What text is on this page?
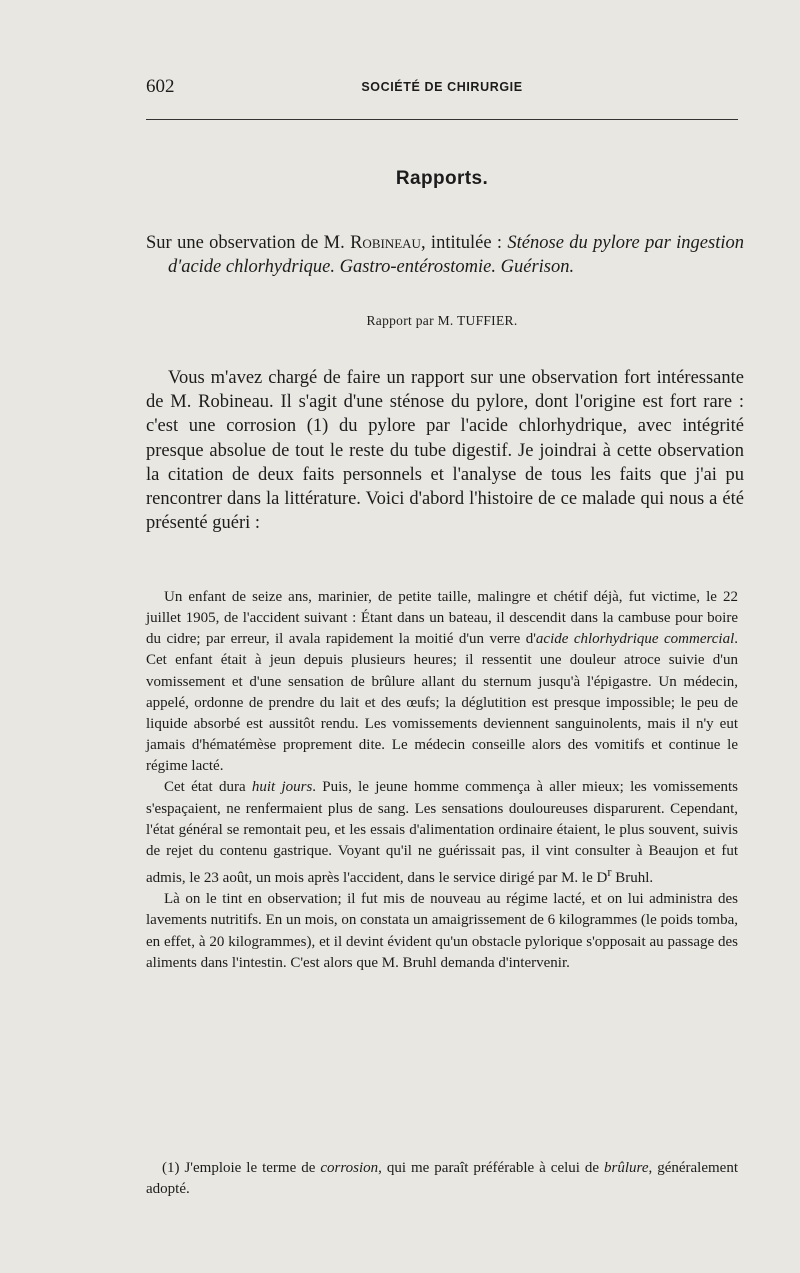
602	SOCIÉTÉ DE CHIRURGIE
Rapports.
Sur une observation de M. Robineau, intitulée : Sténose du pylore par ingestion d'acide chlorhydrique. Gastro-entérostomie. Guérison.
Rapport par M. TUFFIER.

Vous m'avez chargé de faire un rapport sur une observation fort intéressante de M. Robineau. Il s'agit d'une sténose du pylore, dont l'origine est fort rare : c'est une corrosion (1) du pylore par l'acide chlorhydrique, avec intégrité presque absolue de tout le reste du tube digestif. Je joindrai à cette observation la citation de deux faits personnels et l'analyse de tous les faits que j'ai pu rencontrer dans la littérature. Voici d'abord l'histoire de ce malade qui nous a été présenté guéri :

Un enfant de seize ans, marinier, de petite taille, malingre et chétif déjà, fut victime, le 22 juillet 1905, de l'accident suivant : Étant dans un bateau, il descendit dans la cambuse pour boire du cidre; par erreur, il avala rapidement la moitié d'un verre d'acide chlorhydrique commercial. Cet enfant était à jeun depuis plusieurs heures; il ressentit une douleur atroce suivie d'un vomissement et d'une sensation de brûlure allant du sternum jusqu'à l'épigastre. Un médecin, appelé, ordonne de prendre du lait et des œufs; la déglutition est presque impossible; le peu de liquide absorbé est aussitôt rendu. Les vomissements deviennent sanguinolents, mais il n'y eut jamais d'hématémèse proprement dite. Le médecin conseille alors des vomitifs et continue le régime lacté.

Cet état dura huit jours. Puis, le jeune homme commença à aller mieux; les vomissements s'espaçaient, ne renfermaient plus de sang. Les sensations douloureuses disparurent. Cependant, l'état général se remontait peu, et les essais d'alimentation ordinaire étaient, le plus souvent, suivis de rejet du contenu gastrique. Voyant qu'il ne guérissait pas, il vint consulter à Beaujon et fut admis, le 23 août, un mois après l'accident, dans le service dirigé par M. le $D^r$ Bruhl.

Là on le tint en observation; il fut mis de nouveau au régime lacté, et on lui administra des lavements nutritifs. En un mois, on constata un amaigrissement de 6 kilogrammes (le poids tomba, en effet, à 20 kilogrammes), et il devint évident qu'un obstacle pylorique s'opposait au passage des aliments dans l'intestin. C'est alors que M. Bruhl demanda d'intervenir.

(1) J'emploie le terme de corrosion, qui me paraît préférable à celui de brûlure, généralement adopté.
